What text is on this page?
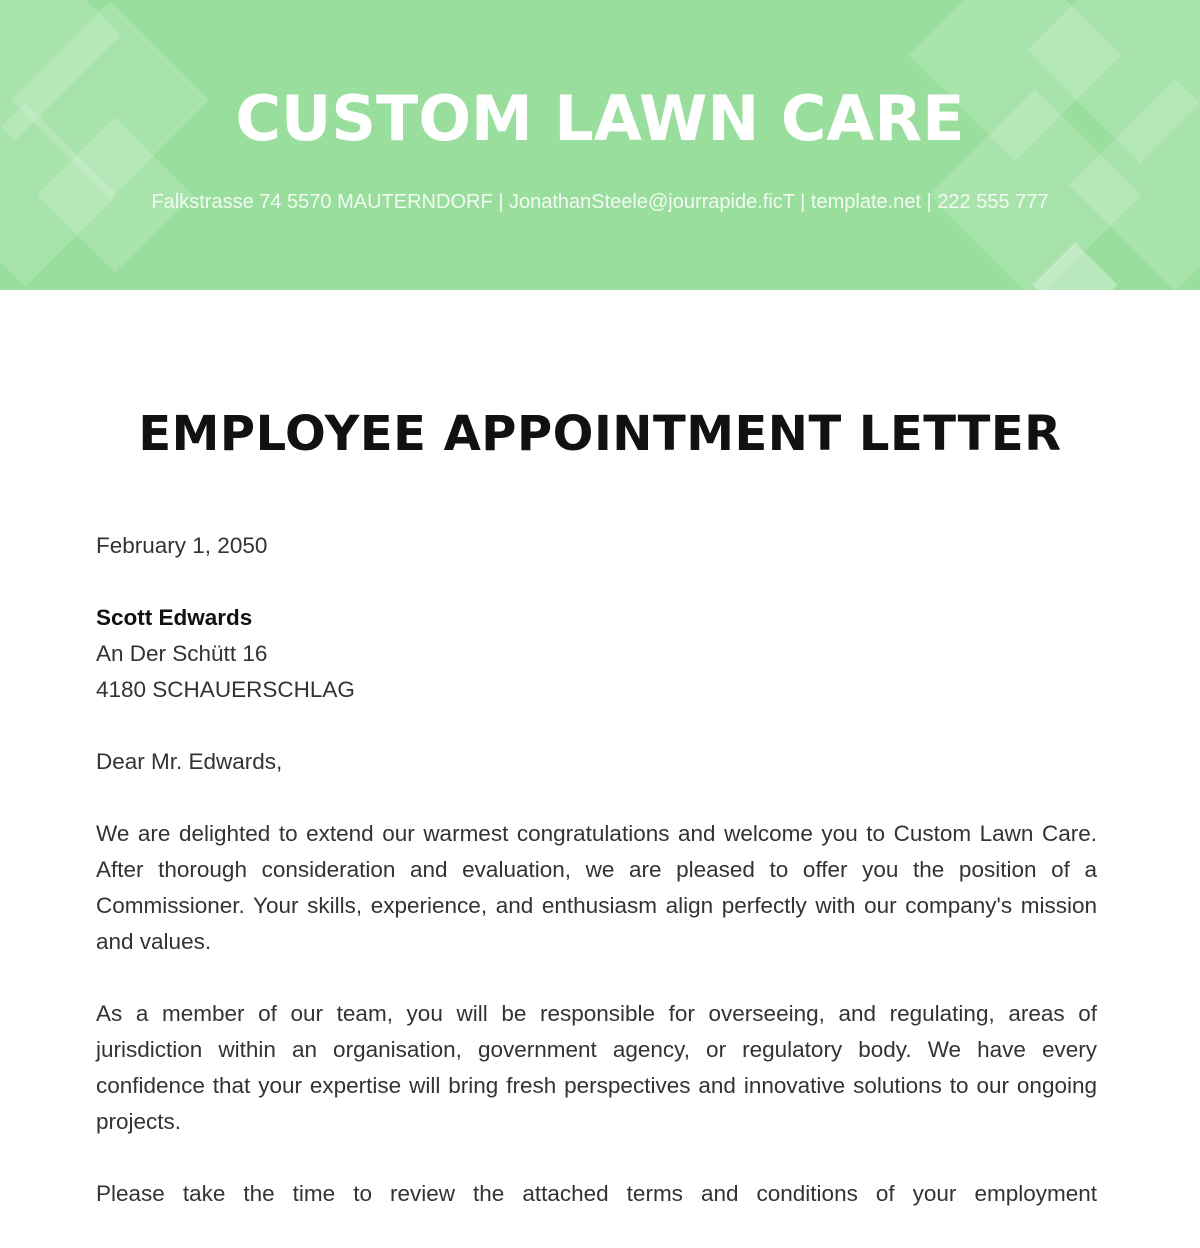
CUSTOM LAWN CARE
Falkstrasse 74 5570 MAUTERNDORF | JonathanSteele@jourrapide.ficT | template.net | 222 555 777
EMPLOYEE APPOINTMENT LETTER

February 1, 2050

Scott Edwards
An Der Schütt 16
4180 SCHAUERSCHLAG

Dear Mr. Edwards,

We are delighted to extend our warmest congratulations and welcome you to Custom Lawn Care. After thorough consideration and evaluation, we are pleased to offer you the position of a Commissioner. Your skills, experience, and enthusiasm align perfectly with our company's mission and values.

As a member of our team, you will be responsible for overseeing, and regulating, areas of jurisdiction within an organisation, government agency, or regulatory body. We have every confidence that your expertise will bring fresh perspectives and innovative solutions to our ongoing projects.

Please take the time to review the attached terms and conditions of your employment
